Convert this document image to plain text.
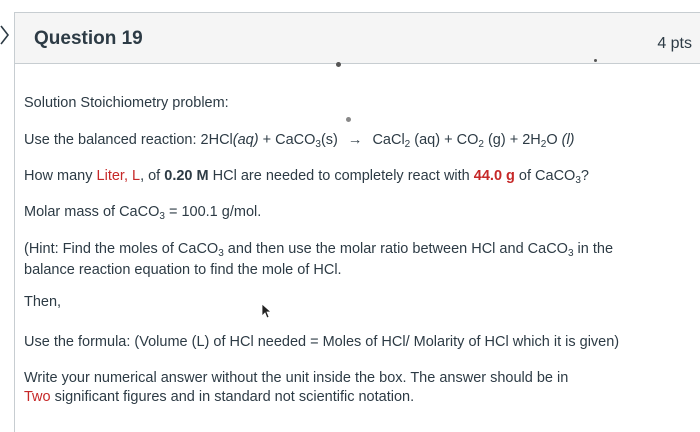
Question 19	4 pts
Solution Stoichiometry problem:
Use the balanced reaction: 2HCl(aq) + CaCO$_3$(s) → CaCl$_2$ $(aq) + CO_2$ $(g) + 2H_2O$ (l)
How many Liter, L, of 0.20 M HCl are needed to completely react with 44.0 g of CaCO$_3$?
Molar mass of CaCO$_3$ = 100.1 g/mol.
(Hint: Find the moles of CaCO$_3$ and then use the molar ratio between HCl and CaCO$_3$ in the
balance reaction equation to find the mole of HCl.
Then,
Use the formula: (Volume (L) of HCl needed = Moles of HCl/ Molarity of HCl which it is given)
Write your numerical answer without the unit inside the box. The answer should be in
Two significant figures and in standard not scientific notation.
